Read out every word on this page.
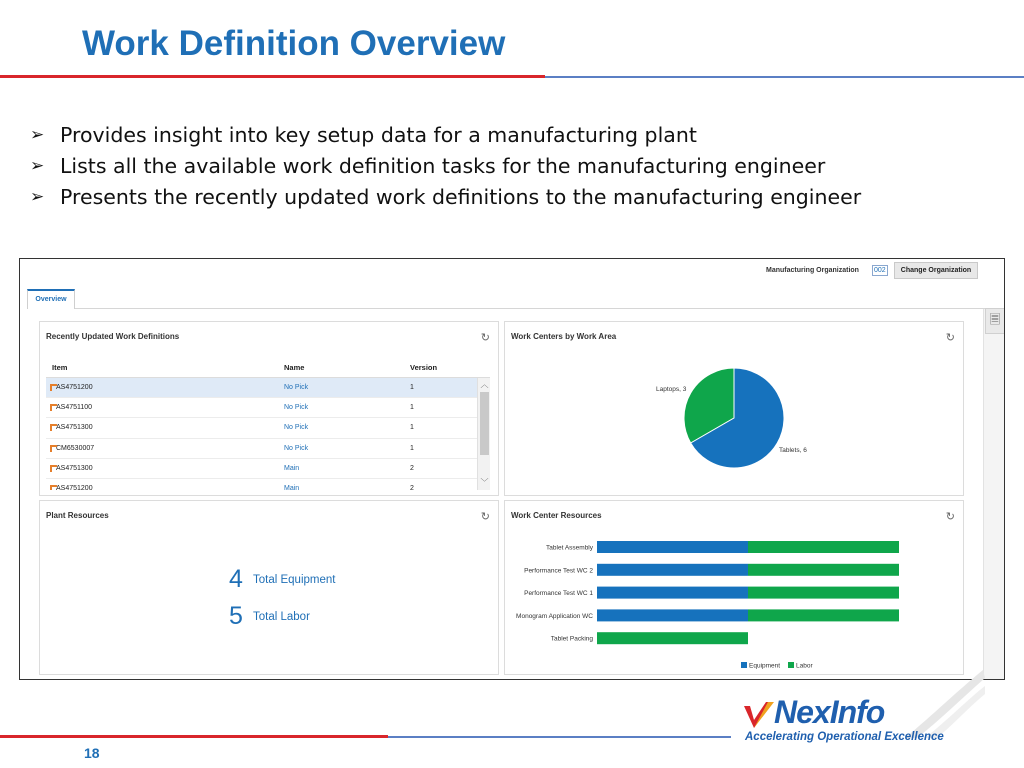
Work Definition Overview
➢ Provides insight into key setup data for a manufacturing plant
➢ Lists all the available work definition tasks for the manufacturing engineer
➢ Presents the recently updated work definitions to the manufacturing engineer
Manufacturing Organization 002	Change Organization
Overview
🗏
Recently Updated Work Definitions	↻
Item	Name	Version
AS4751200	No Pick	1
AS4751100	No Pick	1
AS4751300	No Pick	1
CM6530007	No Pick	1
AS4751300	Main	2
AS4751200	Main	2
︿
﹀
Laptops, 3
Tablets, 6
Work Centers by Work Area	↻
Plant Resources	↻
4 Total Equipment
5 Total Labor
Tablet Assembly
Performance Test WC 2
Performance Test WC 1
Monogram Application WC
Tablet Packing
Equipment Labor
Work Center Resources	↻
18
NexInfo
Accelerating Operational Excellence
